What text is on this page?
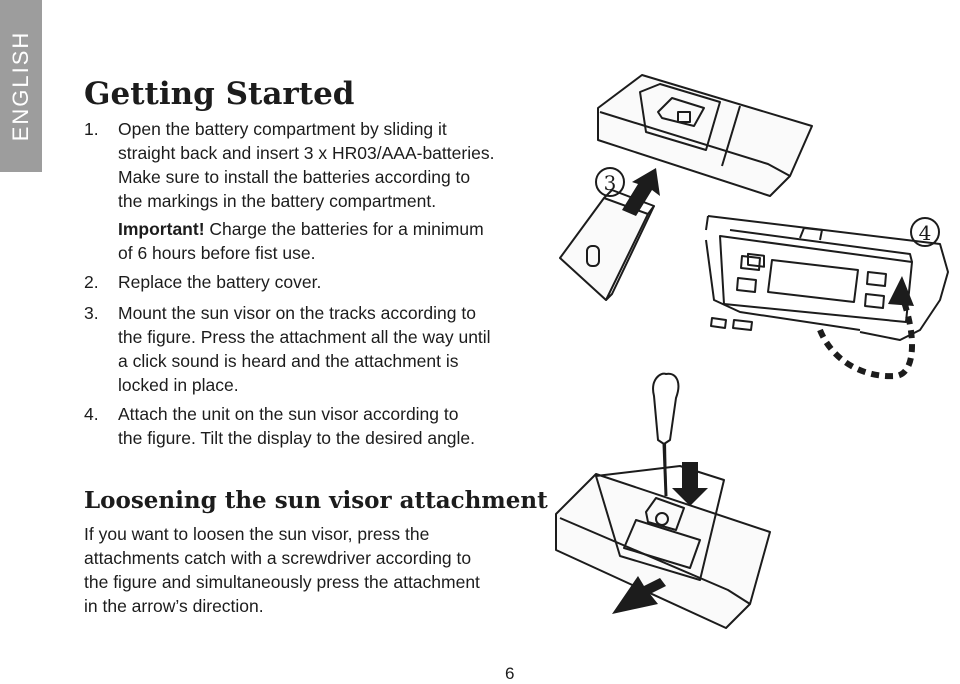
ENGLISH Getting Started
1. Open the battery compartment by sliding it
straight back and insert 3 x HR03/AAA-batteries.
Make sure to install the batteries according to
the markings in the battery compartment.
Important! Charge the batteries for a minimum
of 6 hours before fist use.
2. Replace the battery cover.
3. Mount the sun visor on the tracks according to
the figure. Press the attachment all the way until
a click sound is heard and the attachment is
locked in place.
4. Attach the unit on the sun visor according to
the figure. Tilt the display to the desired angle.
Loosening the sun visor attachment
If you want to loosen the sun visor, press the
attachments catch with a screwdriver according to
the figure and simultaneously press the attachment
in the arrow’s direction.
3
4
6
